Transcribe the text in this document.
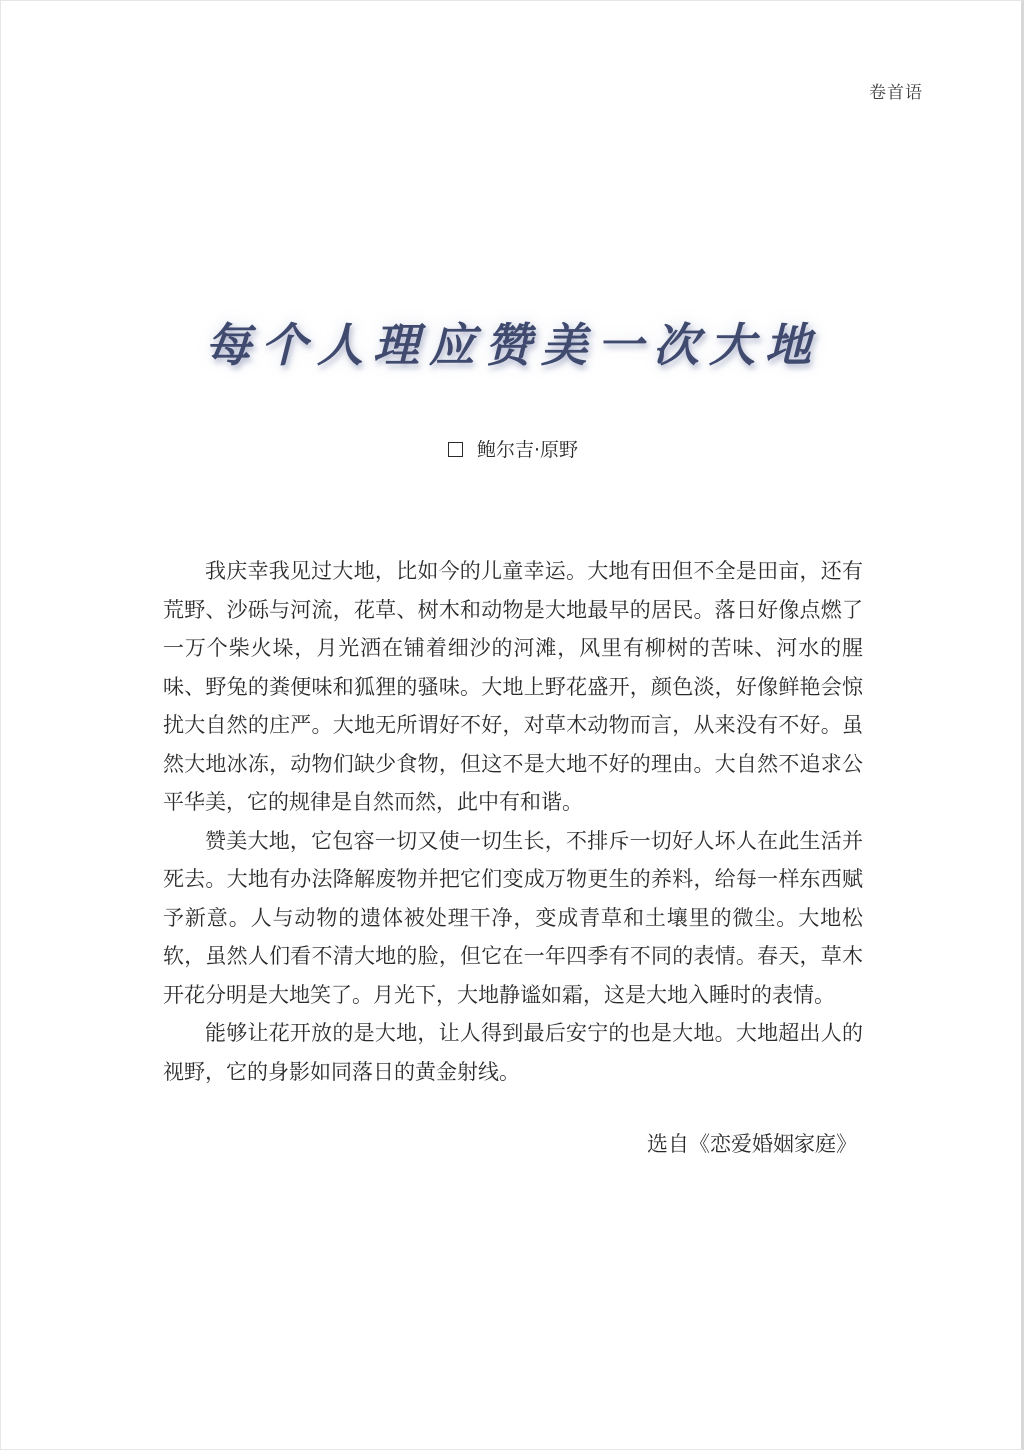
卷首语
每个人理应赞美一次大地
鲍尔吉·原野

我庆幸我见过大地，比如今的儿童幸运。大地有田但不全是田亩，还有荒野、沙砾与河流，花草、树木和动物是大地最早的居民。落日好像点燃了一万个柴火垛，月光洒在铺着细沙的河滩，风里有柳树的苦味、河水的腥味、野兔的粪便味和狐狸的骚味。大地上野花盛开，颜色淡，好像鲜艳会惊扰大自然的庄严。大地无所谓好不好，对草木动物而言，从来没有不好。虽然大地冰冻，动物们缺少食物，但这不是大地不好的理由。大自然不追求公平华美，它的规律是自然而然，此中有和谐。

赞美大地，它包容一切又使一切生长，不排斥一切好人坏人在此生活并死去。大地有办法降解废物并把它们变成万物更生的养料，给每一样东西赋予新意。人与动物的遗体被处理干净，变成青草和土壤里的微尘。大地松软，虽然人们看不清大地的脸，但它在一年四季有不同的表情。春天，草木开花分明是大地笑了。月光下，大地静谧如霜，这是大地入睡时的表情。

能够让花开放的是大地，让人得到最后安宁的也是大地。大地超出人的视野，它的身影如同落日的黄金射线。

选自《恋爱婚姻家庭》
